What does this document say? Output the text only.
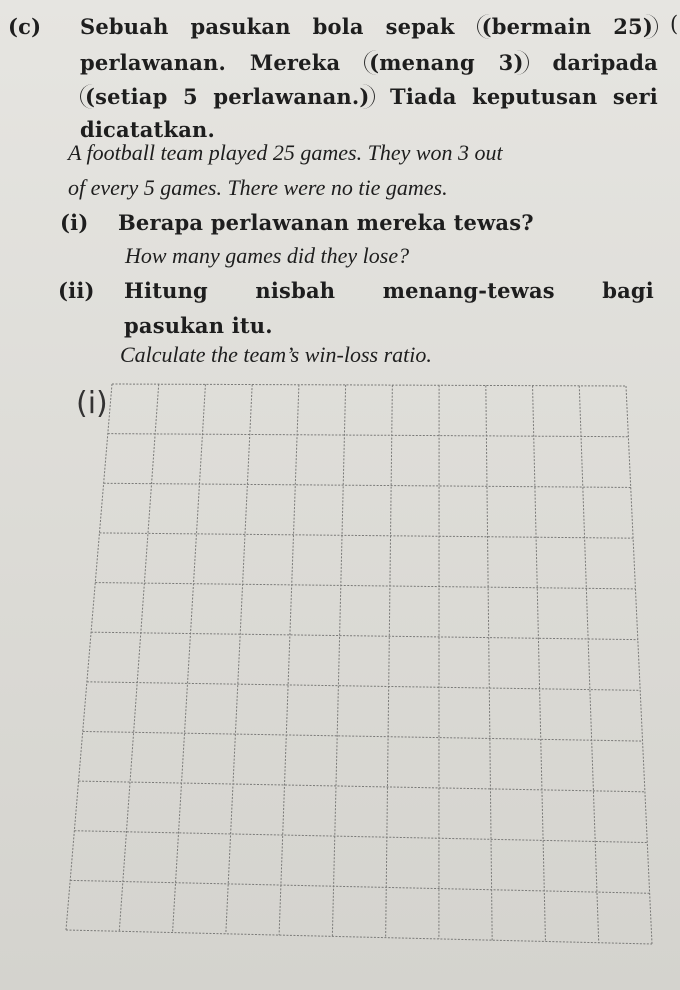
(c) Sebuah pasukan bola sepak (bermain 25) (
perlawanan. Mereka (menang 3) daripada
(setiap 5 perlawanan.) Tiada keputusan seri
dicatatkan.
A football team played 25 games. They won 3 out
of every 5 games. There were no tie games.
(i) Berapa perlawanan mereka tewas?
How many games did they lose?
(ii) Hitung nisbah menang-tewas bagi
pasukan itu.
Calculate the team’s win-loss ratio.
(i)
